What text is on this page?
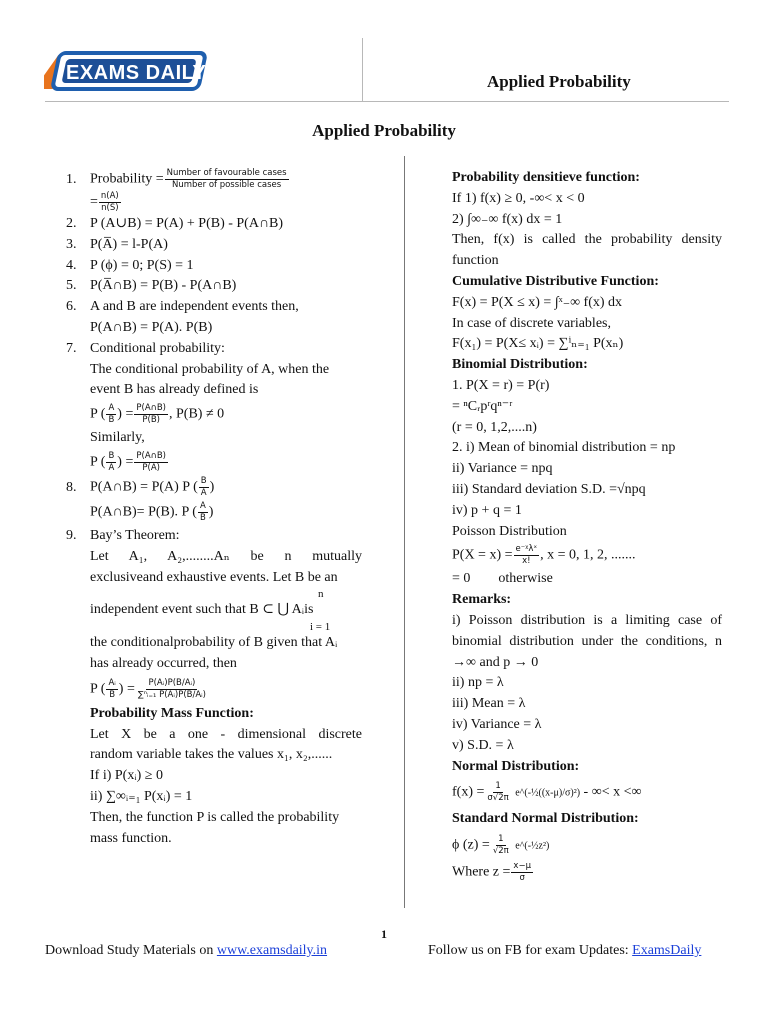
EXAMS DAILY	Applied Probability
Applied Probability
1. Probability = $\frac{\text{Number of favourable cases}}{\text{Number of possible cases}}$
= $\frac{n(A)}{n(S)}$
2. P (A∪B) = P(A) + P(B) - P(A∩B)
3. P(A̅) = l-P(A)
4. P (ϕ) = 0; P(S) = 1
5. P(A̅∩B) = P(B) - P(A∩B)
6. A and B are independent events then,
P(A∩B) = P(A). P(B)
7. Conditional probability:
The conditional probability of A, when the
event B has already defined is
P ( $\frac{A}{B}$ ) = $\frac{P(A\cap B)}{P(B)}$ , P(B) ≠ 0
Similarly,
P ( $\frac{B}{A}$ ) = $\frac{P(A\cap B)}{P(A)}$
8. P(A∩B) = P(A) P ( $\frac{B}{A}$ )
P(A∩B)= P(B). P ( $\frac{A}{B}$ )
9. Bay’s Theorem:
Let A₁, A₂,........Aₙ be n mutually
exclusiveand exhaustive events. Let B be an
n
independent event such that B ⊂ ⋃ Aᵢis
i = 1
the conditionalprobability of B given that Aᵢ
has already occurred, then
P ( $\frac{\text{Aᵢ}}{B}$ ) = $\frac{\text{P(Aᵢ)P(B/Aᵢ)}}{\text{∑ⁿᵢ₌₁ P(Aᵢ)P(B/Aᵢ)}}$
Probability Mass Function:
Let X be a one - dimensional discrete
random variable takes the values x₁, x₂,......
If i) P(xᵢ) ≥ 0
ii) ∑∞ᵢ₌₁ P(xᵢ) = 1
Then, the function P is called the probability
mass function.
Probability densitieve function:
If 1) f(x) ≥ 0, -∞< x < 0
2) ∫∞₋∞ f(x) dx = 1
Then, f(x) is called the probability density
function
Cumulative Distributive Function:
F(x) = P(X ≤ x) = ∫ˣ₋∞ f(x) dx
In case of discrete variables,
F(x₁) = P(X≤ xᵢ) = ∑ⁱₙ₌₁ P(xₙ)
Binomial Distribution:
1. P(X = r) = P(r)
= ⁿCᵣpʳqⁿ⁻ʳ
(r = 0, 1,2,....n)
2. i) Mean of binomial distribution = np
ii) Variance = npq
iii) Standard deviation S.D. =√npq
iv) p + q = 1
Poisson Distribution
$P(X = x) = \frac{\text{e⁻ᵡλˣ}}{x!}$ , x = 0, 1, 2, .......
= 0        otherwise
Remarks:
i) Poisson distribution is a limiting case of
binomial distribution under the conditions, n
→∞ and p → 0
ii) np = λ
iii) Mean = λ
iv) Variance = λ
v) S.D. = λ
Normal Distribution:
$f(x) = \frac{1}{\sigma√2\pi}$ e^(-½((x-μ)/σ)²) - ∞< x <∞
Standard Normal Distribution:
ϕ $(z) = \frac{1}{√2\pi}$ e^(-½z²)
Where $z = \frac{x-\mu}{\sigma}$
1
Download Study Materials on www.examsdaily.in	Follow us on FB for exam Updates: ExamsDaily
